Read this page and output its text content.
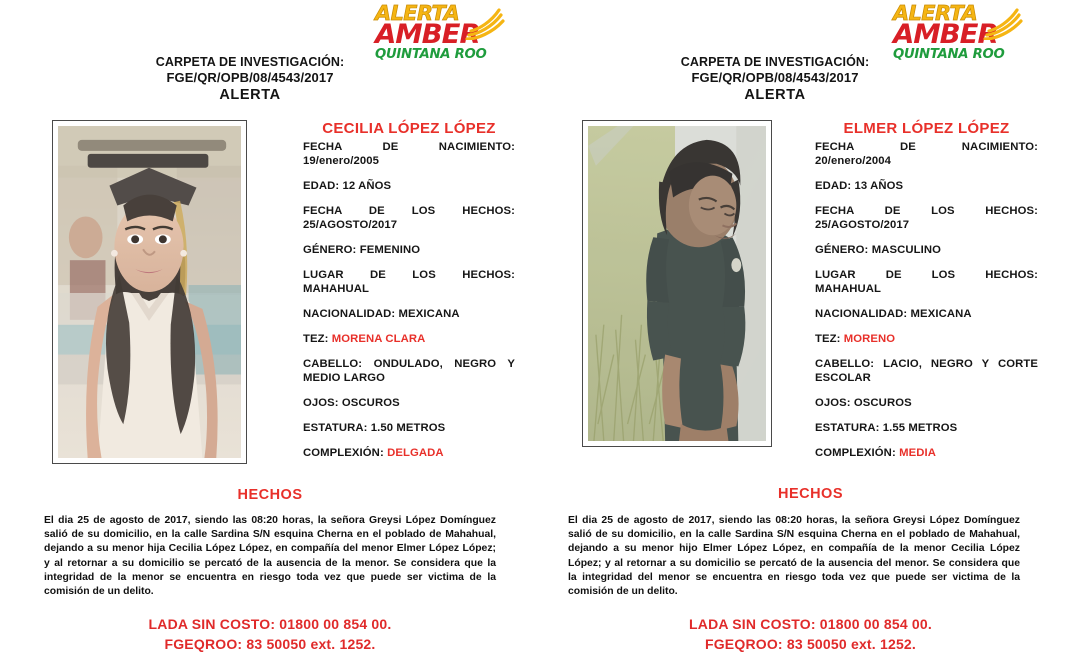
ALERTA
AMBER
QUINTANA ROO
CARPETA DE INVESTIGACIÓN:
FGE/QR/OPB/08/4543/2017
ALERTA
CECILIA LÓPEZ LÓPEZ
FECHA DE NACIMIENTO:
19/enero/2005
EDAD: 12 AÑOS
FECHA DE LOS HECHOS:
25/AGOSTO/2017
GÉNERO: FEMENINO
LUGAR DE LOS HECHOS:
MAHAHUAL
NACIONALIDAD: MEXICANA
TEZ: MORENA CLARA
CABELLO: ONDULADO, NEGRO Y MEDIO LARGO
OJOS: OSCUROS
ESTATURA: 1.50 METROS
COMPLEXIÓN: DELGADA
HECHOS
El dia 25 de agosto de 2017, siendo las 08:20 horas, la señora Greysi López Domínguez salió de su domicilio, en la calle Sardina S/N esquina Cherna en el poblado de Mahahual, dejando a su menor hija Cecilia López López, en compañía del menor Elmer López López; y al retornar a su domicilio se percató de la ausencia de la menor. Se considera que la integridad de la menor se encuentra en riesgo toda vez que puede ser victima de la comisión de un delito.
LADA SIN COSTO: 01800 00 854 00.
FGEQROO: 83 50050 ext. 1252.
ALERTA
AMBER
QUINTANA ROO
CARPETA DE INVESTIGACIÓN:
FGE/QR/OPB/08/4543/2017
ALERTA
ELMER LÓPEZ LÓPEZ
FECHA DE NACIMIENTO:
20/enero/2004
EDAD: 13 AÑOS
FECHA DE LOS HECHOS:
25/AGOSTO/2017
GÉNERO: MASCULINO
LUGAR DE LOS HECHOS:
MAHAHUAL
NACIONALIDAD: MEXICANA
TEZ: MORENO
CABELLO: LACIO, NEGRO Y CORTE ESCOLAR
OJOS: OSCUROS
ESTATURA: 1.55 METROS
COMPLEXIÓN: MEDIA
HECHOS
El dia 25 de agosto de 2017, siendo las 08:20 horas, la señora Greysi López Domínguez salió de su domicilio, en la calle Sardina S/N esquina Cherna en el poblado de Mahahual, dejando a su menor hijo Elmer López López, en compañía de la menor Cecilia López López; y al retornar a su domicilio se percató de la ausencia del menor. Se considera que la integridad del menor se encuentra en riesgo toda vez que puede ser victima de la comisión de un delito.
LADA SIN COSTO: 01800 00 854 00.
FGEQROO: 83 50050 ext. 1252.
